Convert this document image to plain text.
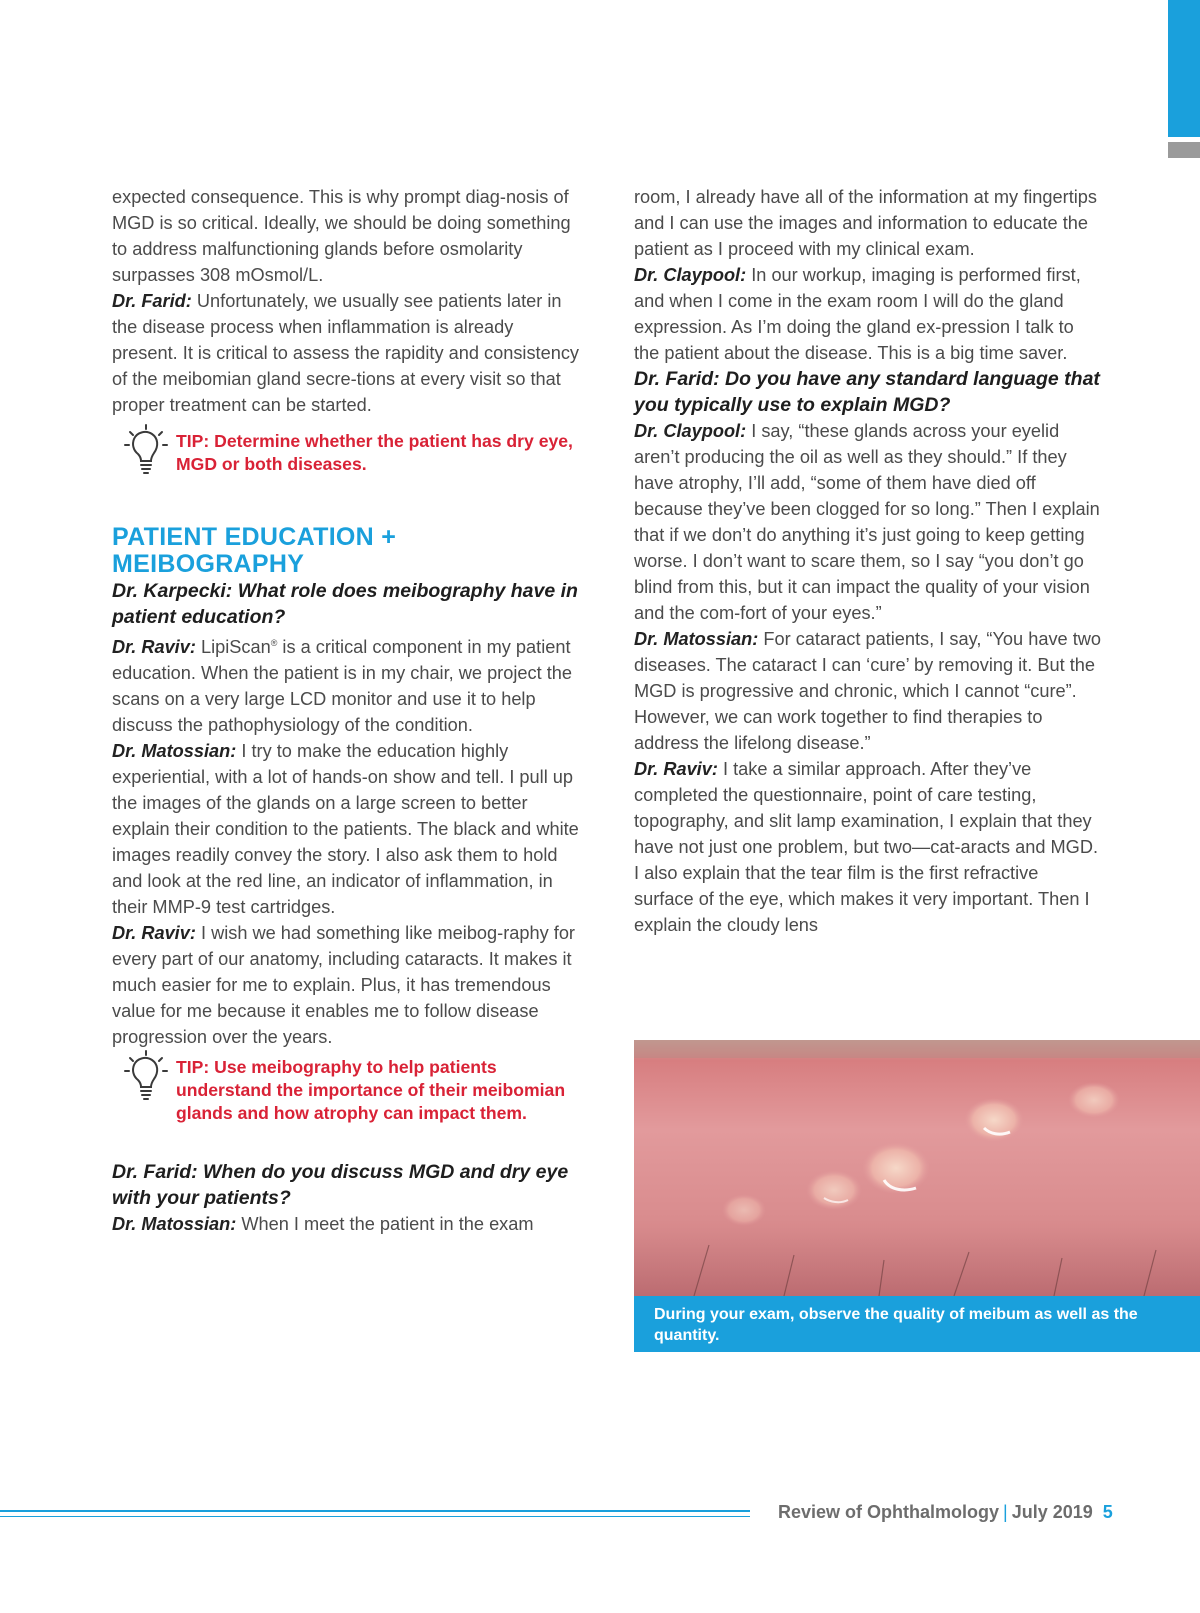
expected consequence. This is why prompt diag-nosis of MGD is so critical. Ideally, we should be doing something to address malfunctioning glands before osmolarity surpasses 308 mOsmol/L.

Dr. Farid: Unfortunately, we usually see patients later in the disease process when inflammation is already present. It is critical to assess the rapidity and consistency of the meibomian gland secre-tions at every visit so that proper treatment can be started.

TIP: Determine whether the patient has dry eye, MGD or both diseases.

PATIENT EDUCATION +
MEIBOGRAPHY

Dr. Karpecki: What role does meibography have in patient education?

Dr. Raviv: LipiScan® is a critical component in my patient education. When the patient is in my chair, we project the scans on a very large LCD monitor and use it to help discuss the pathophysiology of the condition.

Dr. Matossian: I try to make the education highly experiential, with a lot of hands-on show and tell. I pull up the images of the glands on a large screen to better explain their condition to the patients. The black and white images readily convey the story. I also ask them to hold and look at the red line, an indicator of inflammation, in their MMP-9 test cartridges.

Dr. Raviv: I wish we had something like meibog-raphy for every part of our anatomy, including cataracts. It makes it much easier for me to explain. Plus, it has tremendous value for me because it enables me to follow disease progression over the years.

TIP: Use meibography to help patients understand the importance of their meibomian glands and how atrophy can impact them.

Dr. Farid: When do you discuss MGD and dry eye with your patients?

Dr. Matossian: When I meet the patient in the exam

room, I already have all of the information at my fingertips and I can use the images and information to educate the patient as I proceed with my clinical exam.

Dr. Claypool: In our workup, imaging is performed first, and when I come in the exam room I will do the gland expression. As I’m doing the gland ex-pression I talk to the patient about the disease. This is a big time saver.

Dr. Farid: Do you have any standard language that you typically use to explain MGD?

Dr. Claypool: I say, “these glands across your eyelid aren’t producing the oil as well as they should.” If they have atrophy, I’ll add, “some of them have died off because they’ve been clogged for so long.” Then I explain that if we don’t do anything it’s just going to keep getting worse. I don’t want to scare them, so I say “you don’t go blind from this, but it can impact the quality of your vision and the com-fort of your eyes.”

Dr. Matossian: For cataract patients, I say, “You have two diseases. The cataract I can ‘cure’ by removing it. But the MGD is progressive and chronic, which I cannot “cure”. However, we can work together to find therapies to address the lifelong disease.”

Dr. Raviv: I take a similar approach. After they’ve completed the questionnaire, point of care testing, topography, and slit lamp examination, I explain that they have not just one problem, but two—cat-aracts and MGD. I also explain that the tear film is the first refractive surface of the eye, which makes it very important. Then I explain the cloudy lens

During your exam, observe the quality of meibum as well as the quantity.
Review of Ophthalmology | July 2019 5
